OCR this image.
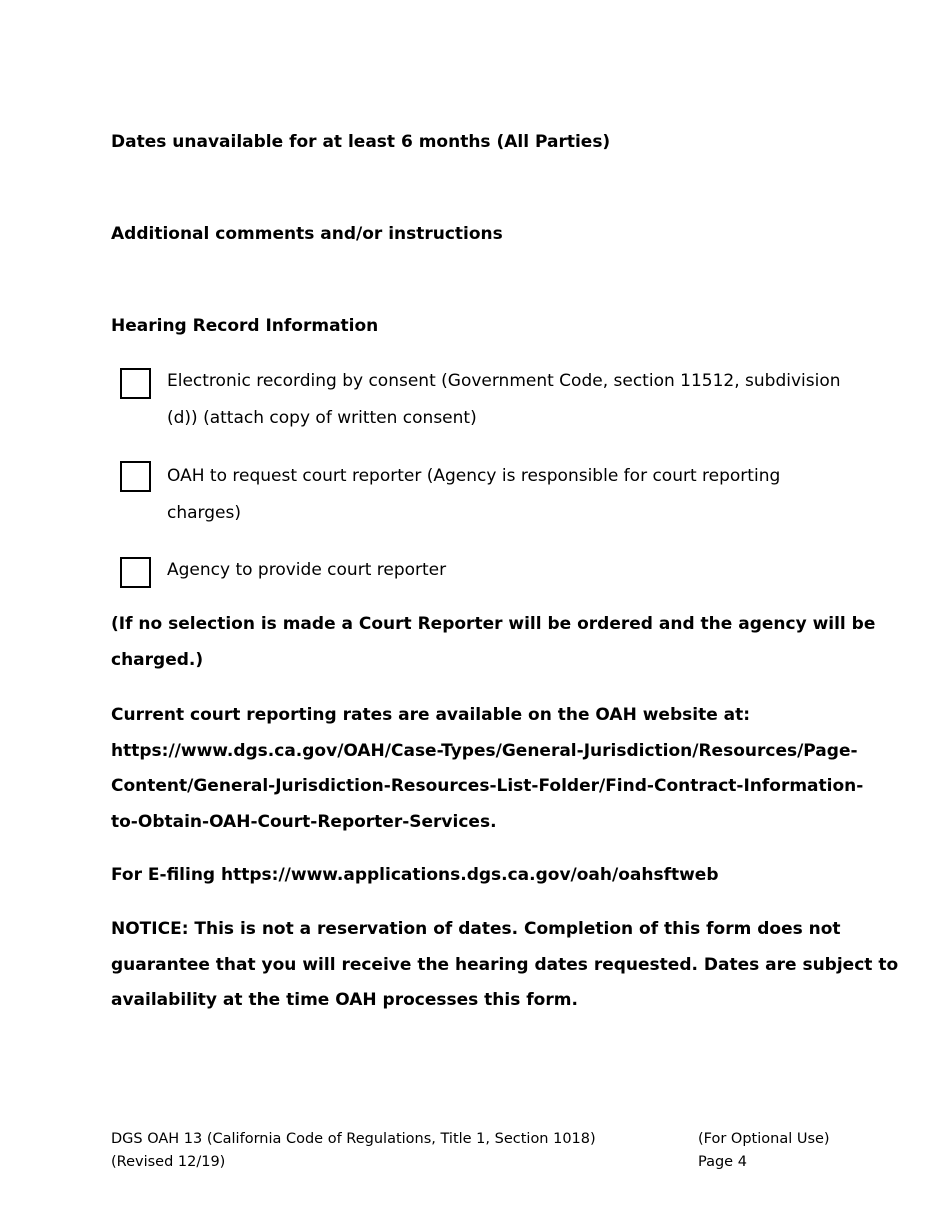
Dates unavailable for at least 6 months (All Parties)
Additional comments and/or instructions
Hearing Record Information
Electronic recording by consent (Government Code, section 11512, subdivision
(d)) (attach copy of written consent)
OAH to request court reporter (Agency is responsible for court reporting
charges)
Agency to provide court reporter
(If no selection is made a Court Reporter will be ordered and the agency will be
charged.)
Current court reporting rates are available on the OAH website at:
https://www.dgs.ca.gov/OAH/Case-Types/General-Jurisdiction/Resources/Page-
Content/General-Jurisdiction-Resources-List-Folder/Find-Contract-Information-
to-Obtain-OAH-Court-Reporter-Services.
For E-filing https://www.applications.dgs.ca.gov/oah/oahsftweb
NOTICE: This is not a reservation of dates. Completion of this form does not
guarantee that you will receive the hearing dates requested. Dates are subject to
availability at the time OAH processes this form.
DGS OAH 13 (California Code of Regulations, Title 1, Section 1018)
(Revised 12/19)
(For Optional Use)
Page 4
